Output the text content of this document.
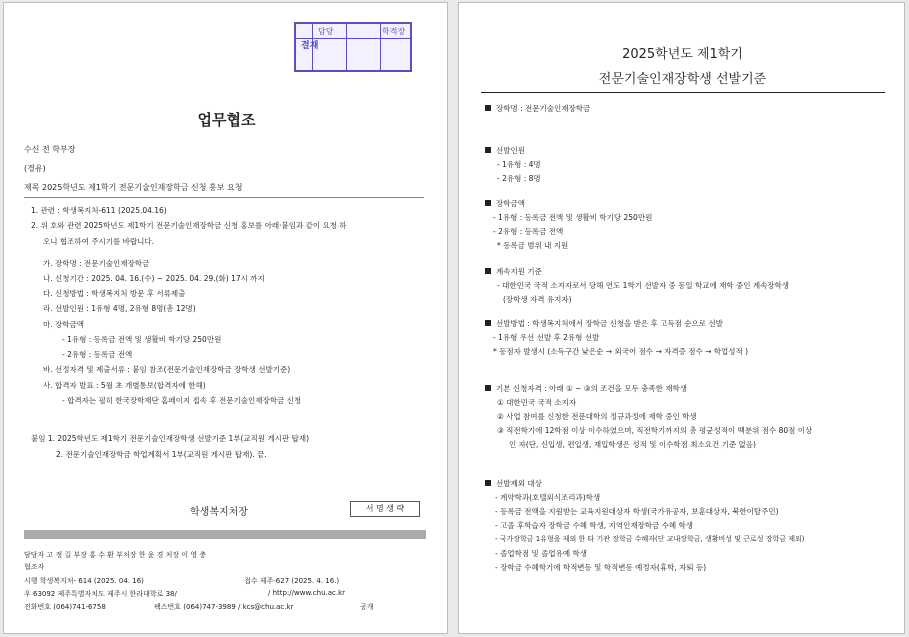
결재
담당	학적장
업무협조
수신 전 학부장
(경유)
제목 2025학년도 제1학기 전문기술인재장학금 신청 홍보 요청
1. 관련 : 학생복지처-611 (2025.04.16)
2. 위 호와 관련 2025학년도 제1학기 전문기술인재장학금 신청 홍보를 아래·붙임과 같이 요청 하
오니 협조하여 주시기를 바랍니다.
가. 장학명 : 전문기술인재장학금
나. 신청기간 : 2025. 04. 16.(수) ~ 2025. 04. 29.(화) 17시 까지
다. 신청방법 : 학생복지처 방문 후 서류제출
라. 선발인원 : 1유형 4명, 2유형 8명(총 12명)
마. 장학금액
- 1유형 : 등록금 전액 및 생활비 학기당 250만원
- 2유형 : 등록금 전액
바. 선정자격 및 제출서류 : 붙임 참조(전문기술인재장학금 장학생 선발기준)
사. 합격자 발표 : 5월 초 개별통보(합격자에 한해)
- 합격자는 필히 한국장학재단 홈페이지 접속 후 전문기술인재장학금 신청
붙임 1. 2025학년도 제1학기 전문기술인재장학생 선발기준 1부(교직원 게시판 탑재)
2. 전문기술인재장학금 학업계획서 1부(교직원 게시판 탑재). 끝.
학생복지처장	서 명 생 략
담당자 고 정 길 부장 홍 수 환 부처장 한 윤 경 처장 이 영 충
협조자
시행 학생복지처- 614 (2025. 04. 16)	접수 제주-627 (2025. 4. 16.)
우 63092 제주특별자치도 제주시 한라대학로 38/	/ http://www.chu.ac.kr
전화번호 (064)741-6758	팩스번호 (064)747-3989 / kcs@chu.ac.kr	공개
2025학년도 제1학기
전문기술인재장학생 선발기준
장학명 : 전문기술인재장학금
선발인원
- 1유형 : 4명
- 2유형 : 8명
장학금액
- 1유형 : 등록금 전액 및 생활비 학기당 250만원
- 2유형 : 등록금 전액
* 등록금 범위 내 지원
계속지원 기준
- 대한민국 국적 소지자로서 당해 연도 1학기 선발자 중 동일 학교에 재학 중인 계속장학생
(장학생 자격 유지자)
선발방법 : 학생복지처에서 장학금 신청을 받은 후 고득점 순으로 선발
- 1유형 우선 선발 후 2유형 선발
* 동점자 발생시 (소득구간 낮은순 → 외국어 점수 → 자격증 점수 → 학업성적 )
기본 신청자격 : 아래 ① ~ ③의 조건을 모두 충족한 재학생
① 대한민국 국적 소지자
② 사업 참여를 신청한 전문대학의 정규과정에 재학 중인 학생
③ 직전학기에 12학점 이상 이수하였으며, 직전학기까지의 총 평균성적이 백분위 점수 80점 이상
인 자(단, 신입생, 편입생, 재입학생은 성적 및 이수학점 최소요건 기준 없음)
선발제외 대상
- 계약학과(호텔외식조리과)학생
- 등록금 전액을 지원받는 교육지원대상자 학생(국가유공자, 보훈대상자, 북한이탈주민)
- 고졸 후학습자 장학금 수혜 학생, 지역인재장학금 수혜 학생
- 국가장학금 1유형을 제외 한 타 기관 장학금 수혜자(단 교내장학금, 생활비성 및 근로성 장학금 제외)
- 졸업학점 및 졸업유예 학생
- 장학금 수혜학기에 학적변동 및 학적변동 예정자(휴학, 자퇴 등)
